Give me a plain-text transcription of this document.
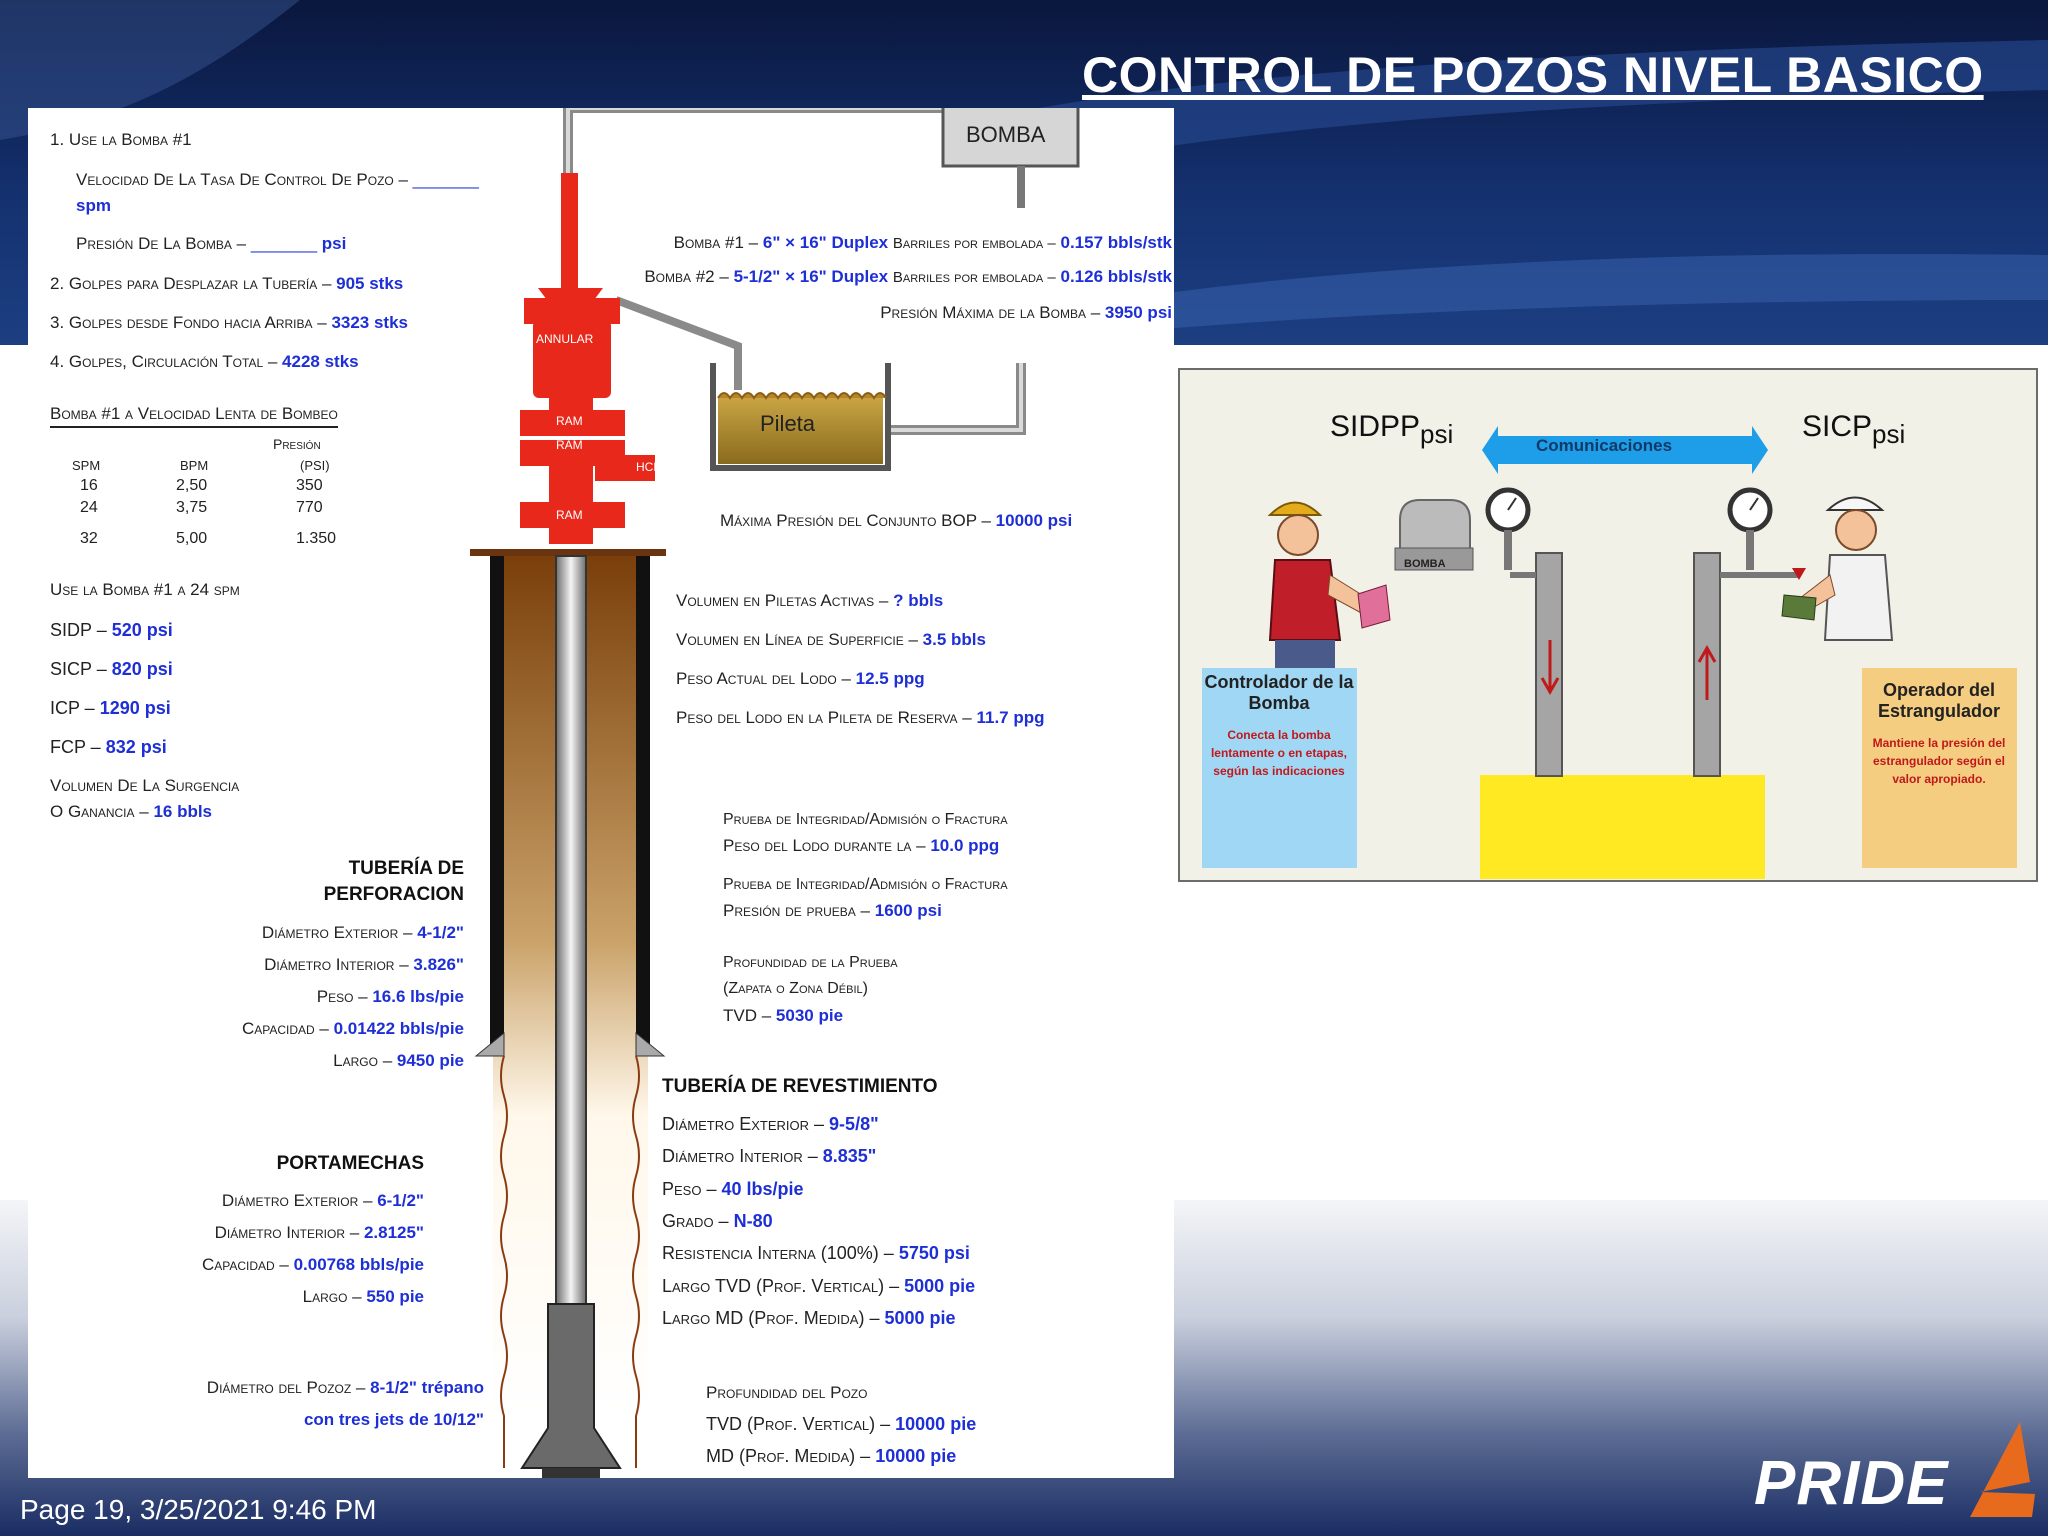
CONTROL DE POZOS NIVEL BASICO
BOMBA
Pileta
ANNULAR
RAM
RAM
HCR
RAM
Bomba #1 – 6" × 16" Duplex Barriles por embolada – 0.157 bbls/stk
Bomba #2 – 5-1/2" × 16" Duplex Barriles por embolada – 0.126 bbls/stk
Presión Máxima de la Bomba – 3950 psi
Máxima Presión del Conjunto BOP – 10000 psi
Volumen en Piletas Activas – ? bbls
Volumen en Línea de Superficie – 3.5 bbls
Peso Actual del Lodo – 12.5 ppg
Peso del Lodo en la Pileta de Reserva – 11.7 ppg
Prueba de Integridad/Admisión o Fractura
Peso del Lodo durante la – 10.0 ppg
Prueba de Integridad/Admisión o Fractura
Presión de prueba – 1600 psi
Profundidad de la Prueba
(Zapata o Zona Débil)
TVD – 5030 pie
TUBERÍA DE REVESTIMIENTO
Diámetro Exterior – 9-5/8"
Diámetro Interior – 8.835"
Peso – 40 lbs/pie
Grado – N-80
Resistencia Interna (100%) – 5750 psi
Largo TVD (Prof. Vertical) – 5000 pie
Largo MD (Prof. Medida) – 5000 pie
Profundidad del Pozo
TVD (Prof. Vertical) – 10000 pie
MD (Prof. Medida) – 10000 pie
1. Use la Bomba #1
Velocidad De La Tasa De Control De Pozo – _______
spm
Presión De La Bomba – _______ psi
2. Golpes para Desplazar la Tubería – 905 stks
3. Golpes desde Fondo hacia Arriba – 3323 stks
4. Golpes, Circulación Total – 4228 stks
Bomba #1 a Velocidad Lenta de Bombeo
Presión
SPM	BPM	(PSI)
16	2,50	350
24	3,75	770
32	5,00	1.350
Use la Bomba #1 a 24 spm
SIDP – 520 psi
SICP – 820 psi
ICP – 1290 psi
FCP – 832 psi
Volumen De La Surgencia
O Ganancia – 16 bbls
TUBERÍA DE
PERFORACION
Diámetro Exterior – 4-1/2"
Diámetro Interior – 3.826"
Peso – 16.6 lbs/pie
Capacidad – 0.01422 bbls/pie
Largo – 9450 pie
PORTAMECHAS
Diámetro Exterior – 6-1/2"
Diámetro Interior – 2.8125"
Capacidad – 0.00768 bbls/pie
Largo – 550 pie
Diámetro del Pozoz – 8-1/2" trépano
con tres jets de 10/12"
$SIDPP_{psi}$	$SICP_{psi}$
Comunicaciones
BOMBA
Controlador de la Bomba
Conecta la bomba lentamente o en etapas, según las indicaciones
Operador del Estrangulador
Mantiene la presión del estrangulador según el valor apropiado.
Page 19, 3/25/2021 9:46 PM	PRIDE
